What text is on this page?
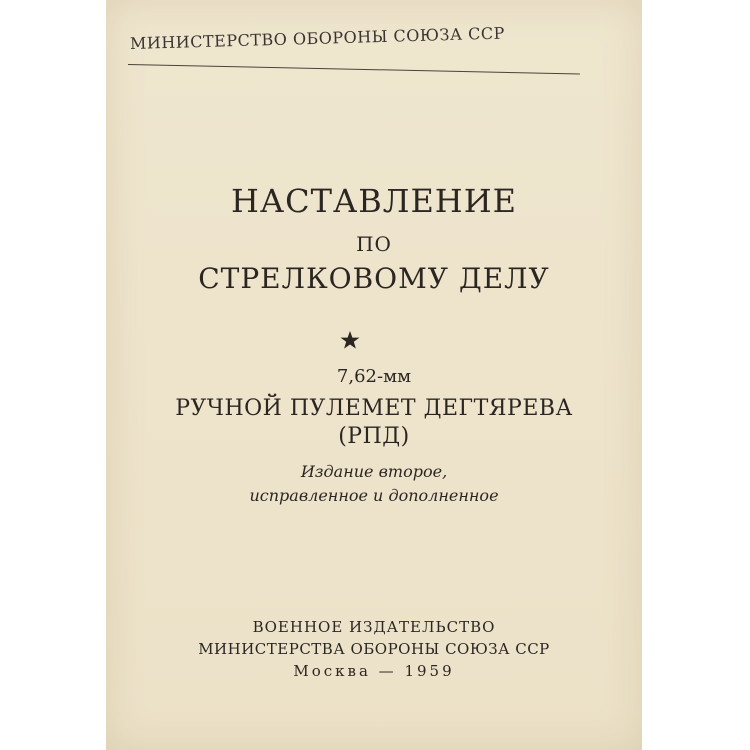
МИНИСТЕРСТВО ОБОРОНЫ СОЮЗА ССР
НАСТАВЛЕНИЕ
ПО
СТРЕЛКОВОМУ ДЕЛУ
7,62-мм
РУЧНОЙ ПУЛЕМЕТ ДЕГТЯРЕВА
(РПД)
Издание второе,
исправленное и дополненное
ВОЕННОЕ ИЗДАТЕЛЬСТВО
МИНИСТЕРСТВА ОБОРОНЫ СОЮЗА ССР
Москва — 1959
